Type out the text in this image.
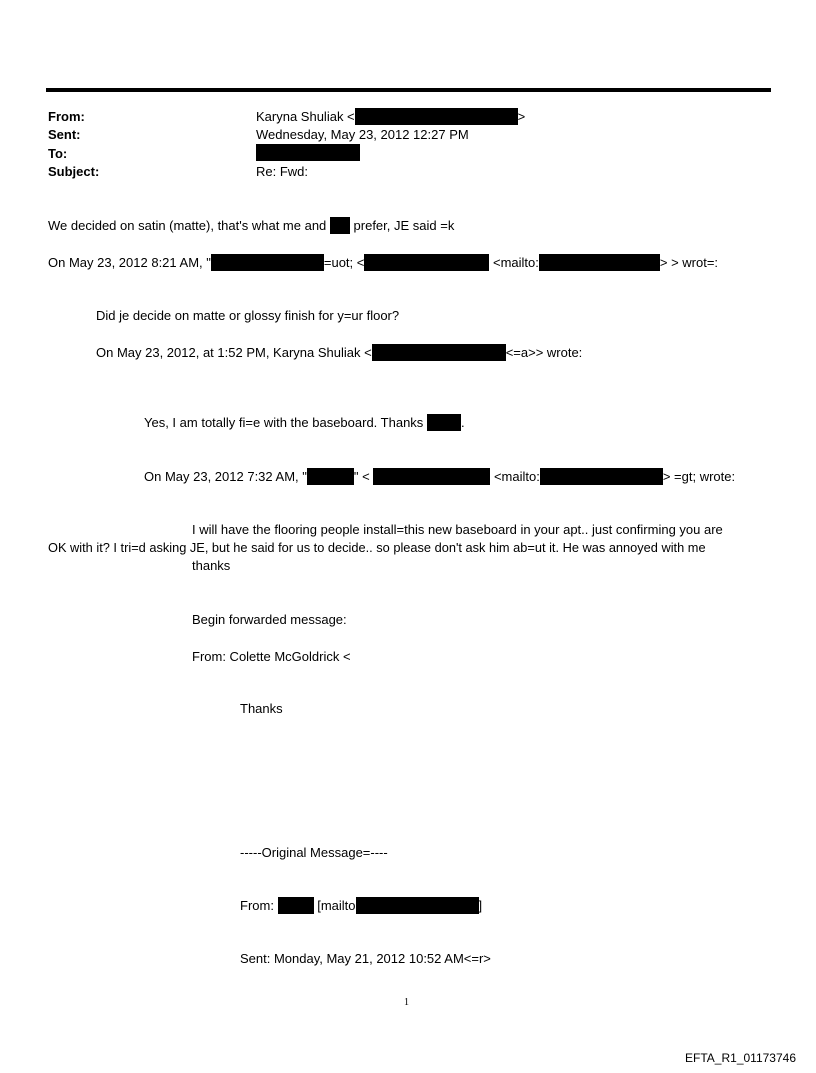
From:	Karyna Shuliak <	>
Sent:	Wednesday, May 23, 2012 12:27 PM
To:
Subject:	Re: Fwd:
We decided on satin (matte), that's what me and prefer, JE said =k
On May 23, 2012 8:21 AM, "	=uot; <	<mailto:	> > wrot=:
Did je decide on matte or glossy finish for y=ur floor?
On May 23, 2012, at 1:52 PM, Karyna Shuliak <	<=a>> wrote:
Yes, I am totally fi=e with the baseboard. Thanks	.
On May 23, 2012 7:32 AM, "	" <	<mailto:	> =gt; wrote:
I will have the flooring people install=this new baseboard in your apt.. just confirming you are
OK with it? I tri=d asking JE, but he said for us to decide.. so please don't ask him ab=ut it. He was annoyed with me
thanks
Begin forwarded message:
From: Colette McGoldrick <
Thanks
-----Original Message=----
From:	[mailto	]
Sent: Monday, May 21, 2012 10:52 AM<=r>
1
EFTA_R1_01173746
